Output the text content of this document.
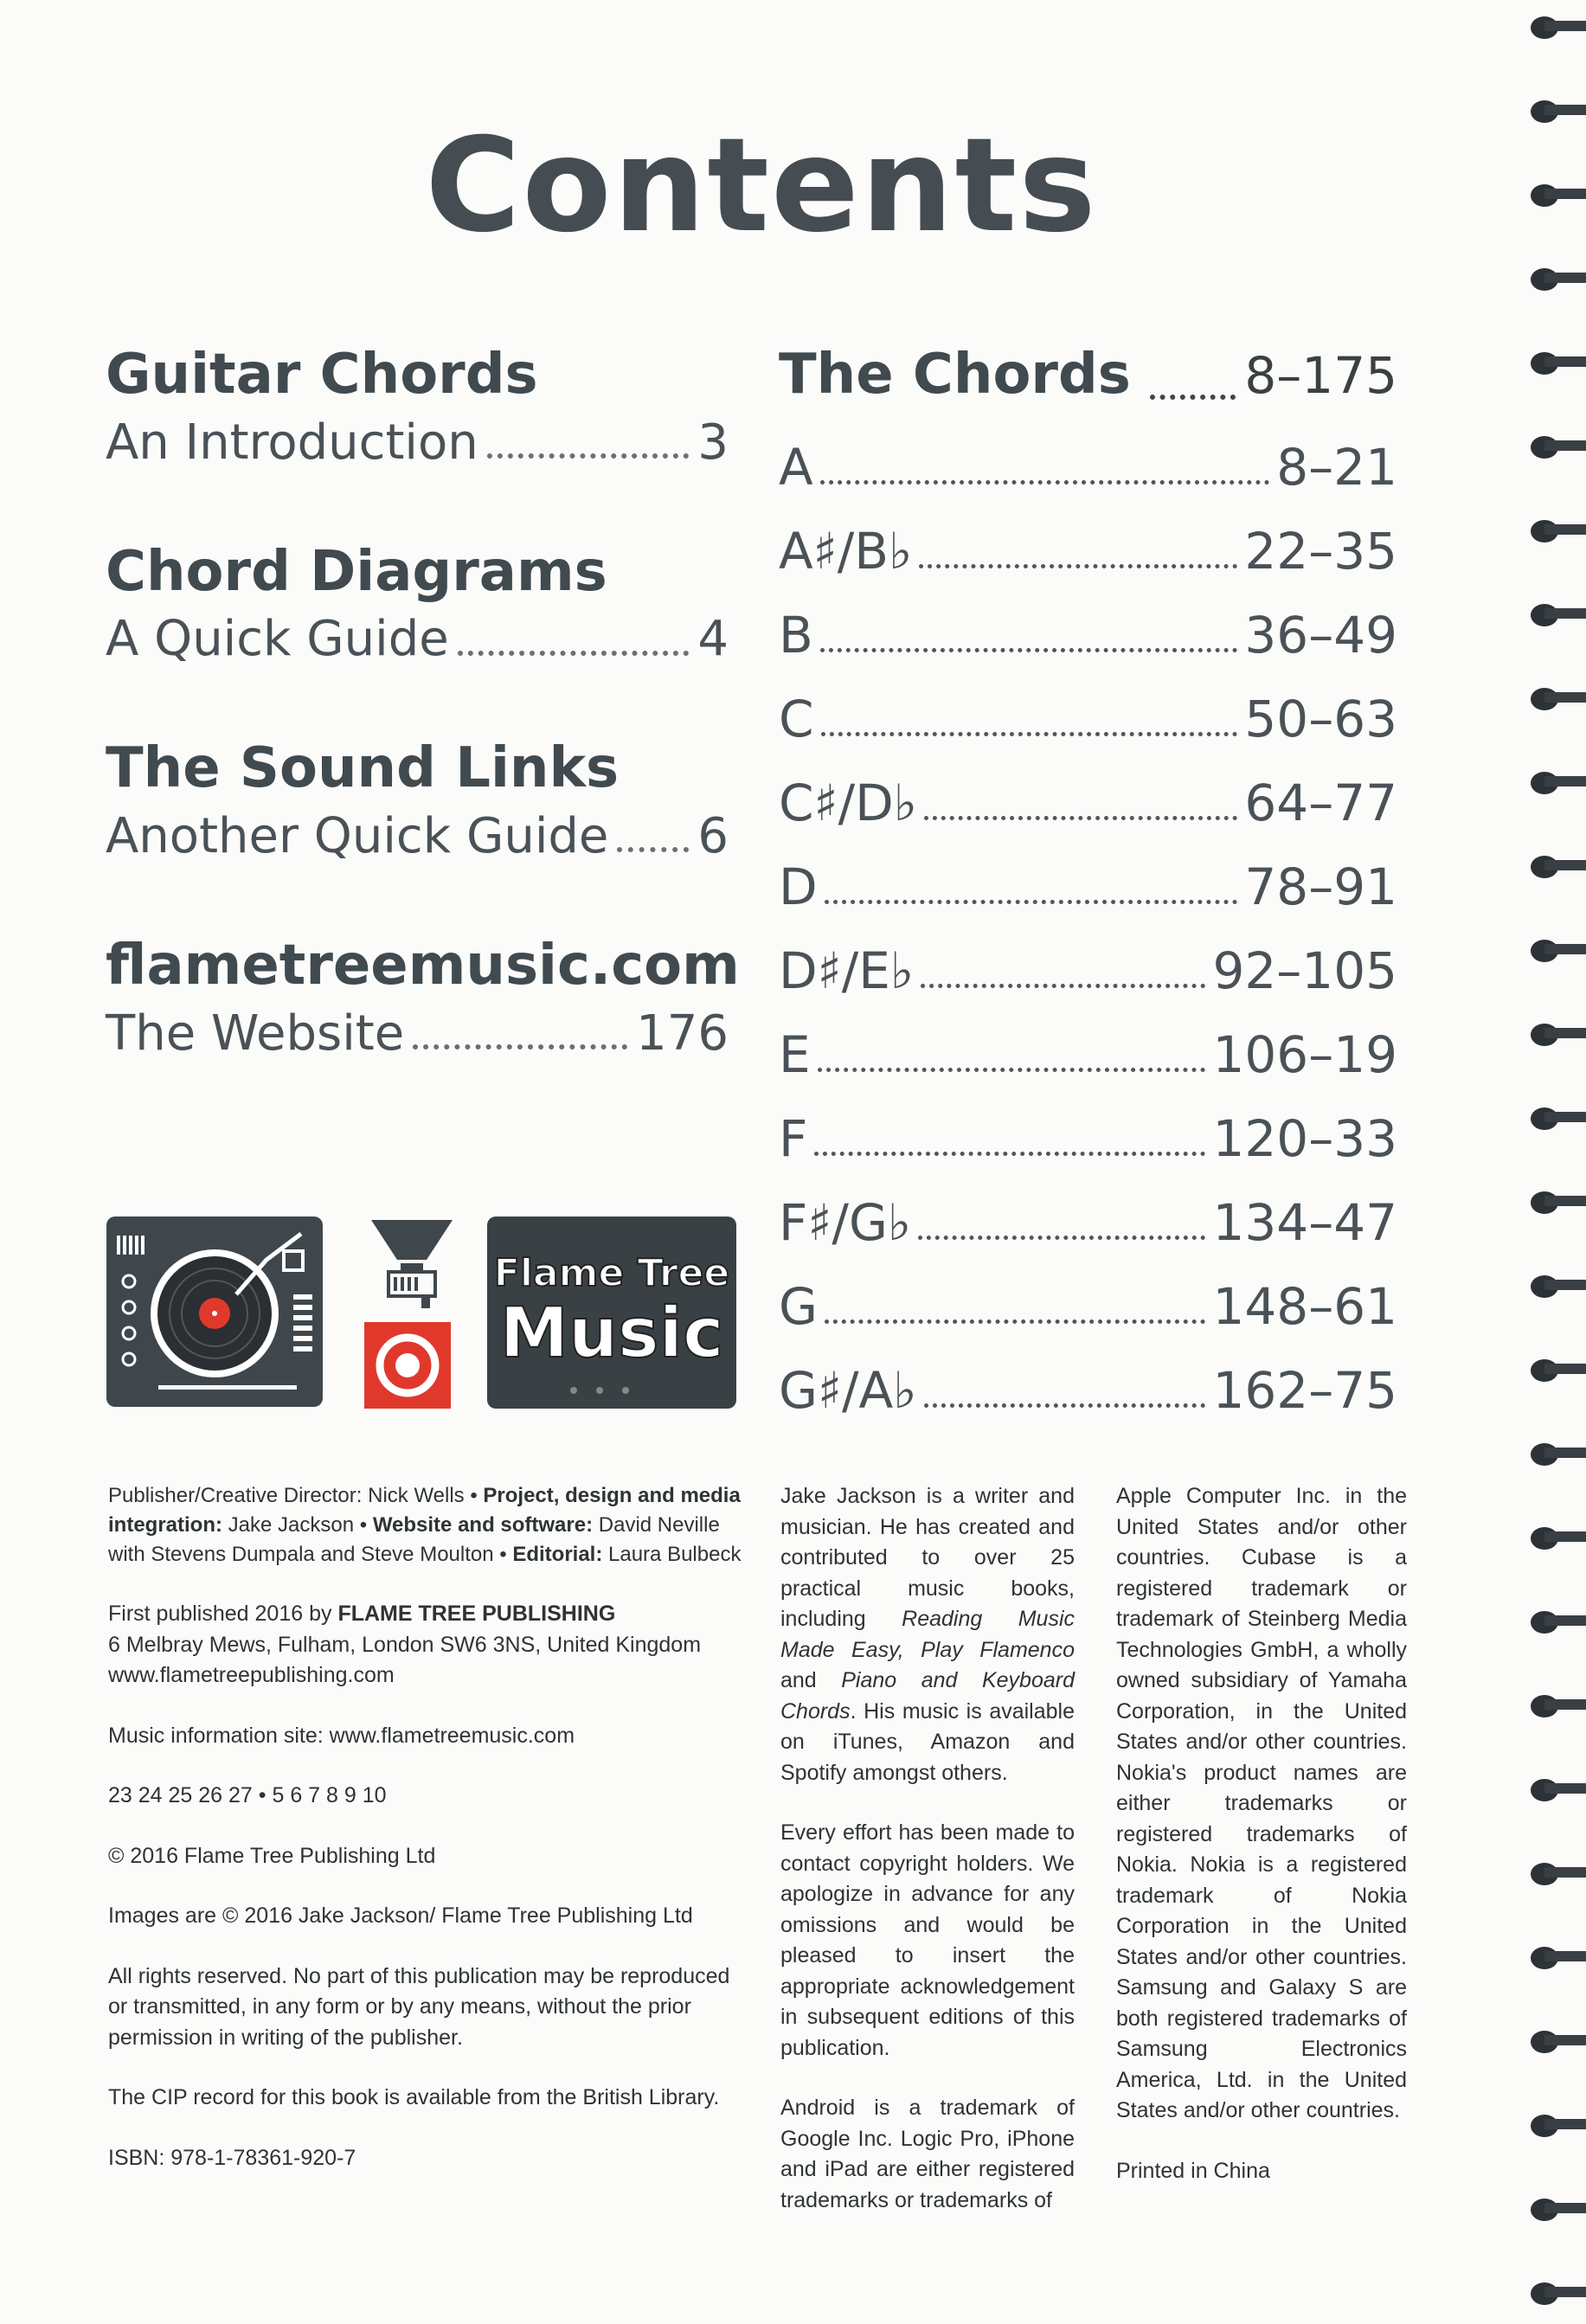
Contents
Guitar Chords
An Introduction	3
Chord Diagrams
A Quick Guide	4
The Sound Links
Another Quick Guide 6
flametreemusic.com
The Website	176
The Chords 8–175
A	8–21
A♯/B♭	22–35
B	36–49
C	50–63
C♯/D♭	64–77
D	78–91
D♯/E♭	92–105
E	106–19
F	120–33
F♯/G♭	134–47
G	148–61
G♯/A♭	162–75
Flame Tree
Music

Publisher/Creative Director: Nick Wells • Project, design and media integration: Jake Jackson • Website and software: David Neville with Stevens Dumpala and Steve Moulton • Editorial: Laura Bulbeck

First published 2016 by FLAME TREE PUBLISHING
6 Melbray Mews, Fulham, London SW6 3NS, United Kingdom
www.flametreepublishing.com

Music information site: www.flametreemusic.com

23 24 25 26 27 • 5 6 7 8 9 10

© 2016 Flame Tree Publishing Ltd

Images are © 2016 Jake Jackson/ Flame Tree Publishing Ltd

All rights reserved. No part of this publication may be reproduced or transmitted, in any form or by any means, without the prior permission in writing of the publisher.

The CIP record for this book is available from the British Library.

ISBN: 978-1-78361-920-7

Jake Jackson is a writer and musician. He has created and contributed to over 25 practical music books, including Reading Music Made Easy, Play Flamenco and Piano and Keyboard Chords. His music is available on iTunes, Amazon and Spotify amongst others.

Every effort has been made to contact copyright holders. We apologize in advance for any omissions and would be pleased to insert the appropriate acknowledgement in subsequent editions of this publication.

Android is a trademark of Google Inc. Logic Pro, iPhone and iPad are either registered trademarks or trademarks of

Apple Computer Inc. in the United States and/or other countries. Cubase is a registered trademark or trademark of Steinberg Media Technologies GmbH, a wholly owned subsidiary of Yamaha Corporation, in the United States and/or other countries. Nokia's product names are either trademarks or registered trademarks of Nokia. Nokia is a registered trademark of Nokia Corporation in the United States and/or other countries. Samsung and Galaxy S are both registered trademarks of Samsung Electronics America, Ltd. in the United States and/or other countries.

Printed in China
